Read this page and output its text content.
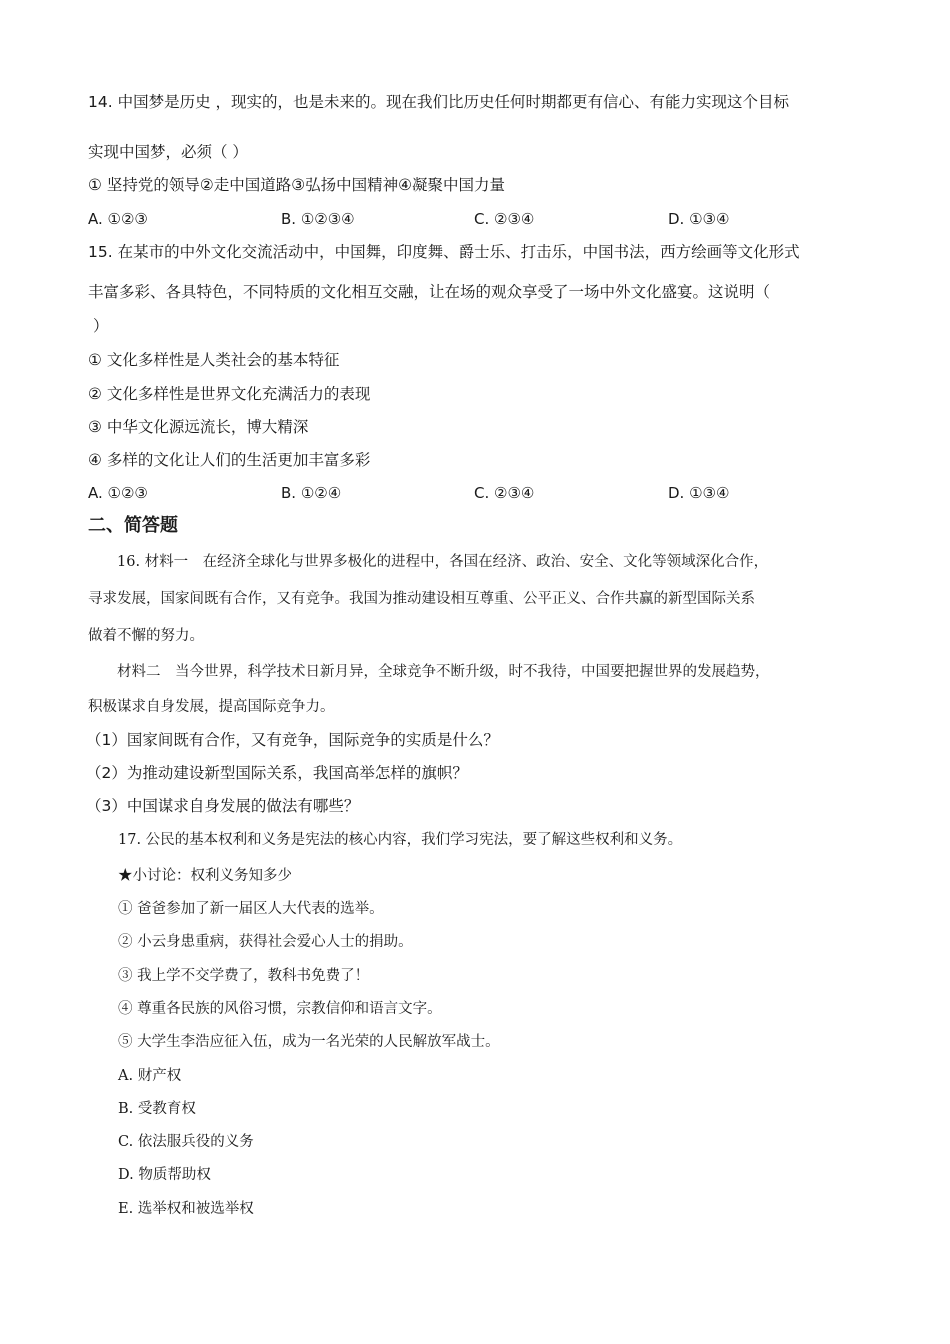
14. 中国梦是历史 ，现实的，也是未来的。现在我们比历史任何时期都更有信心、有能力实现这个目标
实现中国梦，必须（ ）
① 坚持党的领导②走中国道路③弘扬中国精神④凝聚中国力量
A. ①②③	B. ①②③④	C. ②③④	D. ①③④
15. 在某市的中外文化交流活动中，中国舞，印度舞、爵士乐、打击乐，中国书法，西方绘画等文化形式
丰富多彩、各具特色，不同特质的文化相互交融，让在场的观众享受了一场中外文化盛宴。这说明（
）
① 文化多样性是人类社会的基本特征
② 文化多样性是世界文化充满活力的表现
③ 中华文化源远流长，博大精深
④ 多样的文化让人们的生活更加丰富多彩
A. ①②③	B. ①②④	C. ②③④	D. ①③④
二、简答题
16. 材料一　在经济全球化与世界多极化的进程中，各国在经济、政治、安全、文化等领域深化合作，
寻求发展，国家间既有合作，又有竞争。我国为推动建设相互尊重、公平正义、合作共赢的新型国际关系
做着不懈的努力。
材料二　当今世界，科学技术日新月异，全球竞争不断升级，时不我待，中国要把握世界的发展趋势，
积极谋求自身发展，提高国际竞争力。
（1）国家间既有合作，又有竞争，国际竞争的实质是什么？
（2）为推动建设新型国际关系，我国高举怎样的旗帜？
（3）中国谋求自身发展的做法有哪些？
17. 公民的基本权利和义务是宪法的核心内容，我们学习宪法，要了解这些权利和义务。
★小讨论：权利义务知多少
① 爸爸参加了新一届区人大代表的选举。
② 小云身患重病，获得社会爱心人士的捐助。
③ 我上学不交学费了，教科书免费了！
④ 尊重各民族的风俗习惯，宗教信仰和语言文字。
⑤ 大学生李浩应征入伍，成为一名光荣的人民解放军战士。
A. 财产权
B. 受教育权
C. 依法服兵役的义务
D. 物质帮助权
E. 选举权和被选举权
